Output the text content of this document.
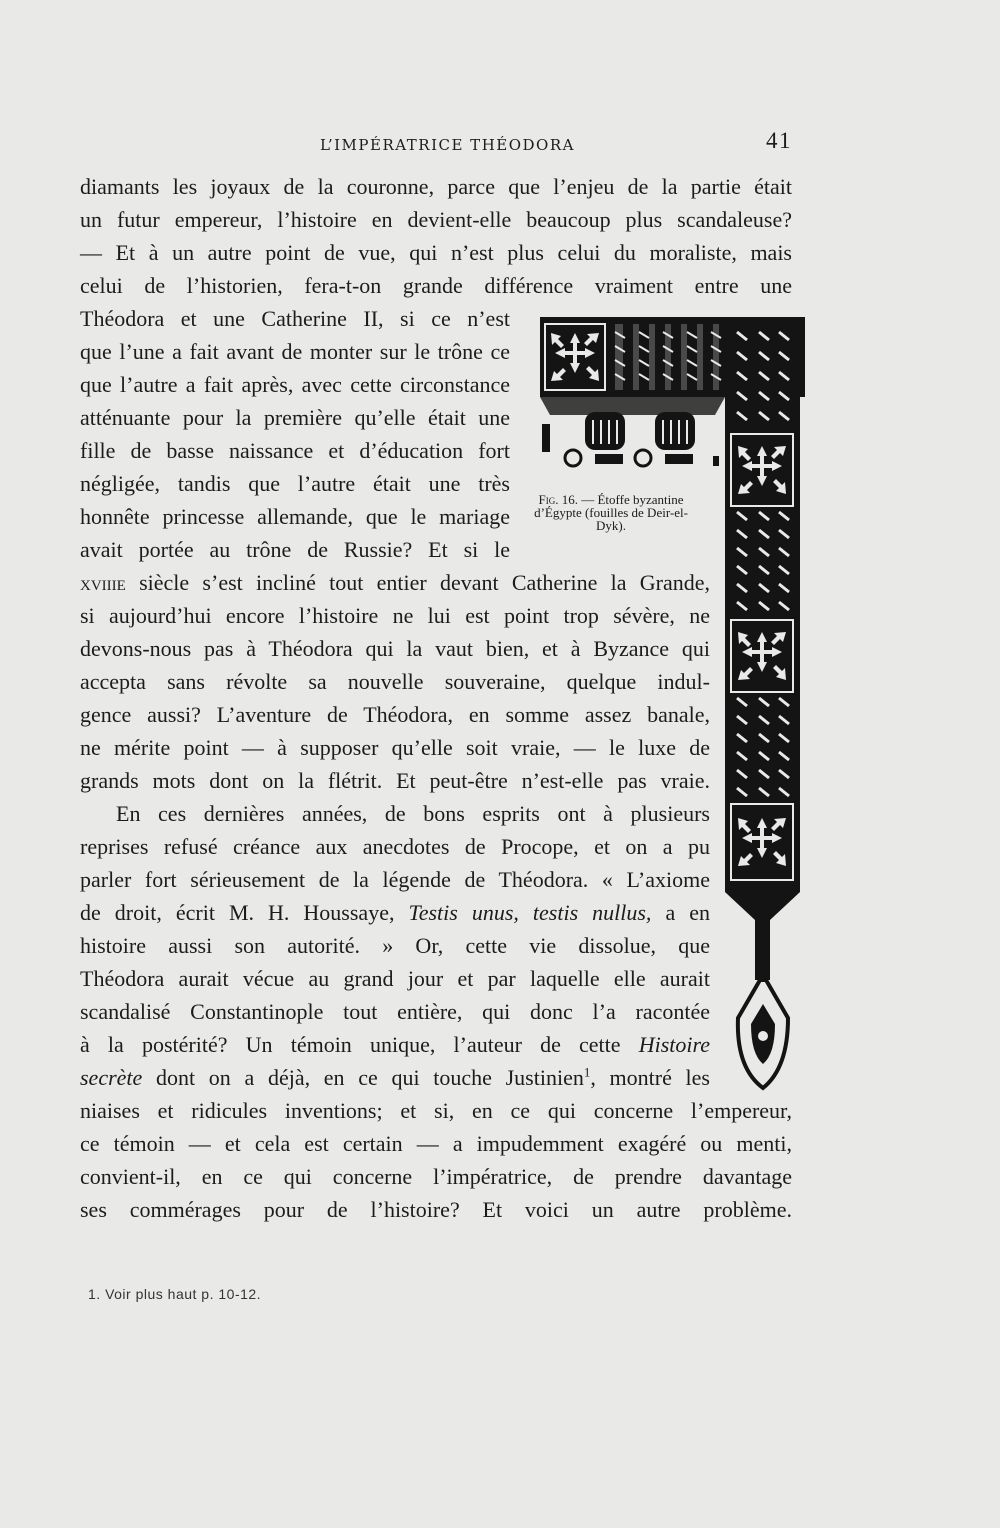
L’IMPÉRATRICE THÉODORA	41
diamants les joyaux de la couronne, parce que l’enjeu de la partie était
un futur empereur, l’histoire en devient-elle beaucoup plus scandaleuse?
— Et à un autre point de vue, qui n’est plus celui du moraliste, mais
celui de l’historien, fera-t-on grande différence vraiment entre une
Théodora et une Catherine II, si ce n’est
que l’une a fait avant de monter sur le trône ce
que l’autre a fait après, avec cette circonstance
atténuante pour la première qu’elle était une
fille de basse naissance et d’éducation fort
négligée, tandis que l’autre était une très
honnête princesse allemande, que le mariage
avait portée au trône de Russie? Et si le
xviiie siècle s’est incliné tout entier devant Catherine la Grande,
si aujourd’hui encore l’histoire ne lui est point trop sévère, ne
devons-nous pas à Théodora qui la vaut bien, et à Byzance qui
accepta sans révolte sa nouvelle souveraine, quelque indul-
gence aussi? L’aventure de Théodora, en somme assez banale,
ne mérite point — à supposer qu’elle soit vraie, — le luxe de
grands mots dont on la flétrit. Et peut-être n’est-elle pas vraie.
En ces dernières années, de bons esprits ont à plusieurs
reprises refusé créance aux anecdotes de Procope, et on a pu
parler fort sérieusement de la légende de Théodora. « L’axiome
de droit, écrit M. H. Houssaye, Testis unus, testis nullus, a en
histoire aussi son autorité. » Or, cette vie dissolue, que
Théodora aurait vécue au grand jour et par laquelle elle aurait
scandalisé Constantinople tout entière, qui donc l’a racontée
à la postérité? Un témoin unique, l’auteur de cette Histoire
secrète dont on a déjà, en ce qui touche Justinien$^1$, montré les
niaises et ridicules inventions; et si, en ce qui concerne l’empereur,
ce témoin — et cela est certain — a impudemment exagéré ou menti,
convient-il, en ce qui concerne l’impératrice, de prendre davantage
ses commérages pour de l’histoire? Et voici un autre problème.
Fig. 16. — Étoffe byzantine d’Égypte (fouilles de Deir-el-Dyk).
1. Voir plus haut p. 10-12.
